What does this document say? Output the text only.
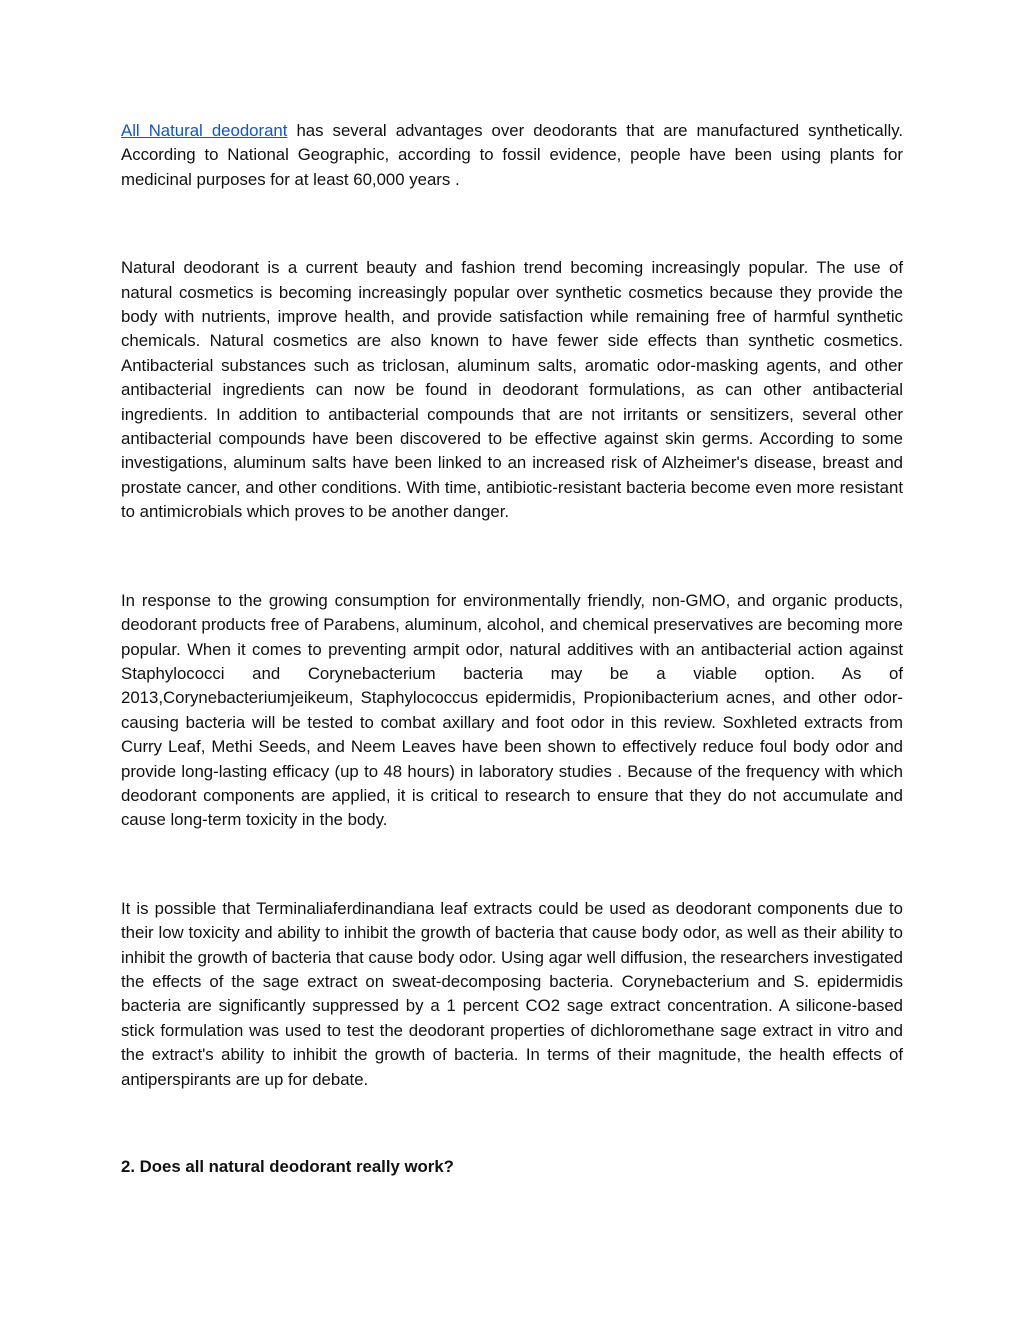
All Natural deodorant has several advantages over deodorants that are manufactured synthetically. According to National Geographic, according to fossil evidence, people have been using plants for medicinal purposes for at least 60,000 years .

Natural deodorant is a current beauty and fashion trend becoming increasingly popular. The use of natural cosmetics is becoming increasingly popular over synthetic cosmetics because they provide the body with nutrients, improve health, and provide satisfaction while remaining free of harmful synthetic chemicals. Natural cosmetics are also known to have fewer side effects than synthetic cosmetics. Antibacterial substances such as triclosan, aluminum salts, aromatic odor-masking agents, and other antibacterial ingredients can now be found in deodorant formulations, as can other antibacterial ingredients. In addition to antibacterial compounds that are not irritants or sensitizers, several other antibacterial compounds have been discovered to be effective against skin germs. According to some investigations, aluminum salts have been linked to an increased risk of Alzheimer's disease, breast and prostate cancer, and other conditions. With time, antibiotic-resistant bacteria become even more resistant to antimicrobials which proves to be another danger.

In response to the growing consumption for environmentally friendly, non-GMO, and organic products, deodorant products free of Parabens, aluminum, alcohol, and chemical preservatives are becoming more popular. When it comes to preventing armpit odor, natural additives with an antibacterial action against Staphylococci and Corynebacterium bacteria may be a viable option. As of 2013,Corynebacteriumjeikeum, Staphylococcus epidermidis, Propionibacterium acnes, and other odor-causing bacteria will be tested to combat axillary and foot odor in this review. Soxhleted extracts from Curry Leaf, Methi Seeds, and Neem Leaves have been shown to effectively reduce foul body odor and provide long-lasting efficacy (up to 48 hours) in laboratory studies . Because of the frequency with which deodorant components are applied, it is critical to research to ensure that they do not accumulate and cause long-term toxicity in the body.

It is possible that Terminaliaferdinandiana leaf extracts could be used as deodorant components due to their low toxicity and ability to inhibit the growth of bacteria that cause body odor, as well as their ability to inhibit the growth of bacteria that cause body odor. Using agar well diffusion, the researchers investigated the effects of the sage extract on sweat-decomposing bacteria. Corynebacterium and S. epidermidis bacteria are significantly suppressed by a 1 percent CO2 sage extract concentration. A silicone-based stick formulation was used to test the deodorant properties of dichloromethane sage extract in vitro and the extract's ability to inhibit the growth of bacteria. In terms of their magnitude, the health effects of antiperspirants are up for debate.

2. Does all natural deodorant really work?
